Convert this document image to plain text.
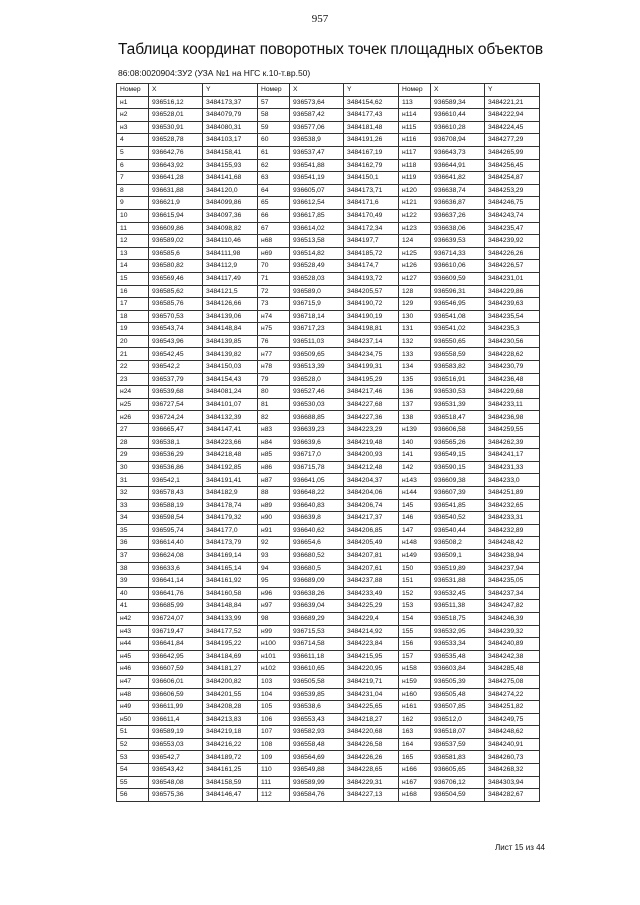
957
Таблица координат поворотных точек площадных объектов
86:08:0020904:ЗУ2 (УЗА №1 на НГС к.10-т.вр.50)
Номер	X	Y	Номер	X	Y	Номер	X	Y
н1	936516,12	3484173,37	57	936573,64	3484154,62	113	936589,34	3484221,21
н2	936528,01	3484079,79	58	936587,42	3484177,43	н114	936610,44	3484222,94
н3	936530,91	3484080,31	59	936577,06	3484181,48	н115	936610,28	3484224,45
4	936528,78	3484103,17	60	936538,9	3484191,26	н116	936708,94	3484277,29
5	936642,76	3484158,41	61	936537,47	3484167,19	н117	936643,73	3484265,99
6	936643,92	3484155,93	62	936541,88	3484162,79	н118	936644,91	3484256,45
7	936641,28	3484141,68	63	936541,19	3484150,1	н119	936641,82	3484254,87
8	936631,88	3484120,0	64	936605,07	3484173,71	н120	936638,74	3484253,29
9	936621,9	3484099,86	65	936612,54	3484171,6	н121	936636,87	3484246,75
10	936615,94	3484097,36	66	936617,85	3484170,49	н122	936637,26	3484243,74
11	936609,86	3484098,82	67	936614,02	3484172,34	н123	936638,06	3484235,47
12	936589,02	3484110,46	н68	936513,58	3484197,7	124	936639,53	3484239,92
13	936585,6	3484111,98	н69	936514,82	3484185,72	н125	936714,33	3484226,26
14	936580,82	3484112,9	70	936528,49	3484174,7	н126	936610,06	3484226,57
15	936569,46	3484117,49	71	936528,03	3484193,72	н127	936609,59	3484231,01
16	936585,62	3484121,5	72	936589,0	3484205,57	128	936596,31	3484229,86
17	936585,76	3484126,66	73	936715,9	3484190,72	129	936546,95	3484239,63
18	936570,53	3484139,06	н74	936718,14	3484190,19	130	936541,08	3484235,54
19	936543,74	3484148,84	н75	936717,23	3484198,81	131	936541,02	3484235,3
20	936543,96	3484139,85	76	936511,03	3484237,14	132	936550,65	3484230,56
21	936542,45	3484139,82	н77	936509,65	3484234,75	133	936558,59	3484228,62
22	936542,2	3484150,03	н78	936513,39	3484199,31	134	936583,82	3484230,79
23	936537,79	3484154,43	79	936528,0	3484195,29	135	936516,91	3484236,48
н24	936539,68	3484081,24	80	936527,46	3484217,46	136	936530,53	3484229,68
н25	936727,54	3484101,07	81	936530,03	3484227,68	137	936531,39	3484233,11
н26	936724,24	3484132,39	82	936688,85	3484227,36	138	936518,47	3484236,98
27	936665,47	3484147,41	н83	936639,23	3484223,29	н139	936606,58	3484259,55
28	936538,1	3484223,66	н84	936639,6	3484219,48	140	936565,26	3484262,39
29	936536,29	3484218,48	н85	936717,0	3484200,93	141	936549,15	3484241,17
30	936536,86	3484192,85	н86	936715,78	3484212,48	142	936590,15	3484231,33
31	936542,1	3484191,41	н87	936641,05	3484204,37	н143	936609,38	3484233,0
32	936578,43	3484182,9	88	936648,22	3484204,06	н144	936607,39	3484251,89
33	936588,19	3484178,74	н89	936640,83	3484206,74	145	936541,85	3484232,65
34	936598,54	3484179,32	н90	936639,8	3484217,37	146	936540,52	3484233,31
35	936595,74	3484177,0	н91	936640,62	3484206,85	147	936540,44	3484232,89
36	936614,40	3484173,79	92	936654,6	3484205,49	н148	936508,2	3484248,42
37	936624,08	3484169,14	93	936680,52	3484207,81	н149	936509,1	3484238,94
38	936633,6	3484165,14	94	936680,5	3484207,61	150	936519,89	3484237,94
39	936641,14	3484161,92	95	936689,09	3484237,88	151	936531,88	3484235,05
40	936641,76	3484160,58	н96	936638,26	3484233,49	152	936532,45	3484237,34
41	936685,99	3484148,84	н97	936639,04	3484225,29	153	936511,38	3484247,82
н42	936724,07	3484133,99	98	936689,29	3484229,4	154	936518,75	3484246,39
н43	936719,47	3484177,52	н99	936715,53	3484214,92	155	936532,95	3484239,32
н44	936641,84	3484195,22	н100	936714,58	3484223,84	156	936533,34	3484240,89
н45	936642,95	3484184,69	н101	936611,18	3484215,95	157	936535,48	3484242,38
н46	936607,59	3484181,27	н102	936610,65	3484220,95	н158	936603,84	3484285,48
н47	936606,01	3484200,82	103	936505,58	3484219,71	н159	936505,39	3484275,08
н48	936606,59	3484201,55	104	936539,85	3484231,04	н160	936505,48	3484274,22
н49	936611,99	3484208,28	105	936538,6	3484225,65	н161	936507,85	3484251,82
н50	936611,4	3484213,83	106	936553,43	3484218,27	162	936512,0	3484249,75
51	936589,19	3484219,18	107	936582,93	3484220,68	163	936518,07	3484248,62
52	936553,03	3484216,22	108	936558,48	3484226,58	164	936537,59	3484240,91
53	936542,7	3484189,72	109	936564,69	3484226,26	165	936581,83	3484260,73
54	936543,42	3484161,25	110	936549,88	3484228,65	н166	936605,65	3484268,32
55	936548,08	3484158,59	111	936589,99	3484229,31	н167	936706,12	3484303,94
56	936575,36	3484146,47	112	936584,76	3484227,13	н168	936504,59	3484282,67
Лист 15 из 44
